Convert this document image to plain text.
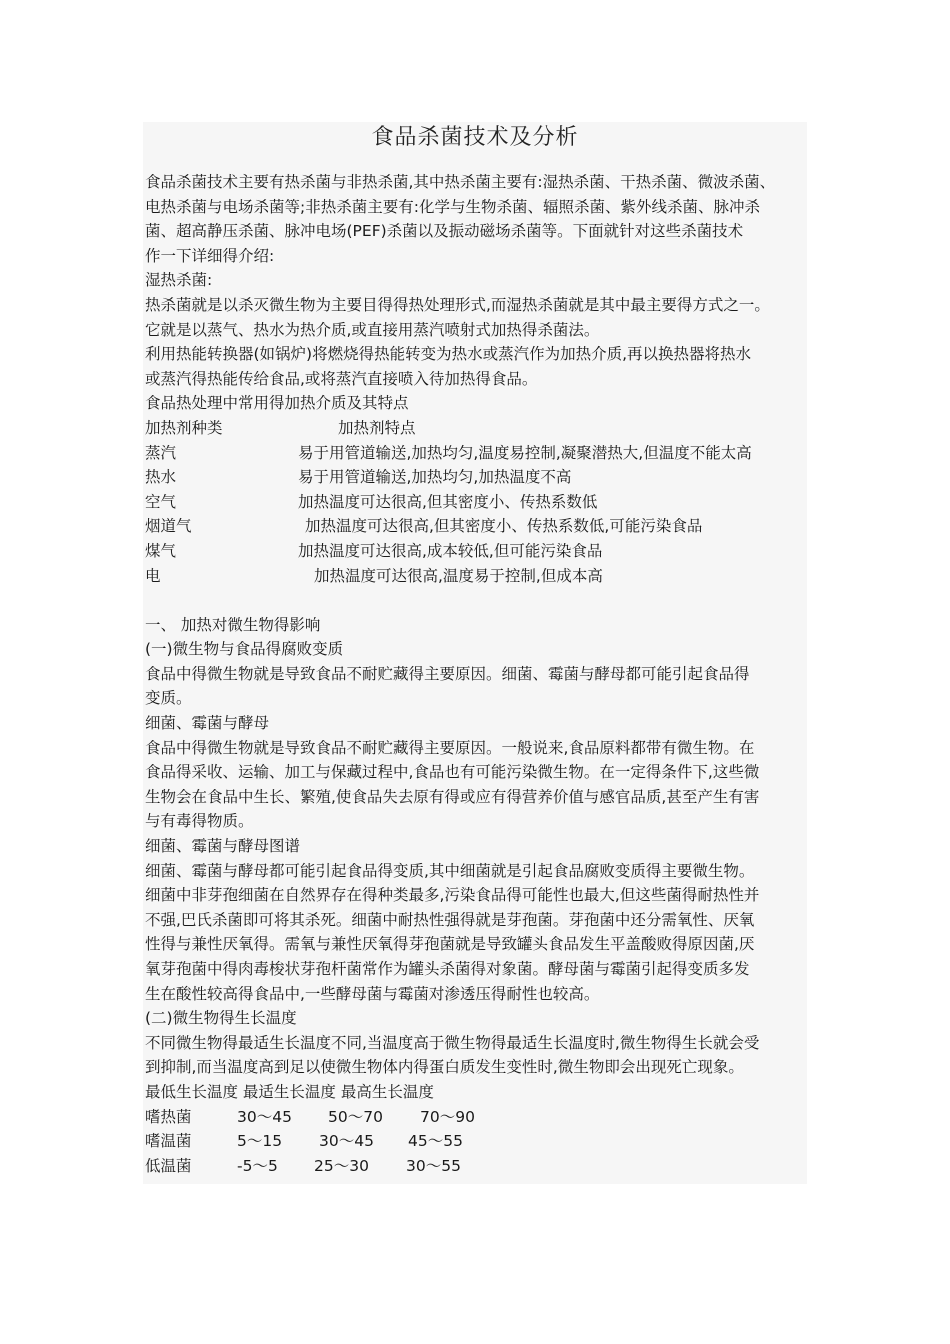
食品杀菌技术及分析
食品杀菌技术主要有热杀菌与非热杀菌,其中热杀菌主要有:湿热杀菌、干热杀菌、微波杀菌、
电热杀菌与电场杀菌等;非热杀菌主要有:化学与生物杀菌、辐照杀菌、紫外线杀菌、脉冲杀
菌、超高静压杀菌、脉冲电场(PEF)杀菌以及振动磁场杀菌等。下面就针对这些杀菌技术
作一下详细得介绍:
湿热杀菌:
热杀菌就是以杀灭微生物为主要目得得热处理形式,而湿热杀菌就是其中最主要得方式之一。
它就是以蒸气、热水为热介质,或直接用蒸汽喷射式加热得杀菌法。
利用热能转换器(如锅炉)将燃烧得热能转变为热水或蒸汽作为加热介质,再以换热器将热水
或蒸汽得热能传给食品,或将蒸汽直接喷入待加热得食品。
食品热处理中常用得加热介质及其特点
加热剂种类	加热剂特点
蒸汽	易于用管道输送,加热均匀,温度易控制,凝聚潜热大,但温度不能太高
热水	易于用管道输送,加热均匀,加热温度不高
空气	加热温度可达很高,但其密度小、传热系数低
烟道气	加热温度可达很高,但其密度小、传热系数低,可能污染食品
煤气	加热温度可达很高,成本较低,但可能污染食品
电	加热温度可达很高,温度易于控制,但成本高
一、 加热对微生物得影响
(一)微生物与食品得腐败变质
食品中得微生物就是导致食品不耐贮藏得主要原因。细菌、霉菌与酵母都可能引起食品得
变质。
细菌、霉菌与酵母
食品中得微生物就是导致食品不耐贮藏得主要原因。一般说来,食品原料都带有微生物。在
食品得采收、运输、加工与保藏过程中,食品也有可能污染微生物。在一定得条件下,这些微
生物会在食品中生长、繁殖,使食品失去原有得或应有得营养价值与感官品质,甚至产生有害
与有毒得物质。
细菌、霉菌与酵母图谱
细菌、霉菌与酵母都可能引起食品得变质,其中细菌就是引起食品腐败变质得主要微生物。
细菌中非芽孢细菌在自然界存在得种类最多,污染食品得可能性也最大,但这些菌得耐热性并
不强,巴氏杀菌即可将其杀死。细菌中耐热性强得就是芽孢菌。芽孢菌中还分需氧性、厌氧
性得与兼性厌氧得。需氧与兼性厌氧得芽孢菌就是导致罐头食品发生平盖酸败得原因菌,厌
氧芽孢菌中得肉毒梭状芽孢杆菌常作为罐头杀菌得对象菌。酵母菌与霉菌引起得变质多发
生在酸性较高得食品中,一些酵母菌与霉菌对渗透压得耐性也较高。
(二)微生物得生长温度
不同微生物得最适生长温度不同,当温度高于微生物得最适生长温度时,微生物得生长就会受
到抑制,而当温度高到足以使微生物体内得蛋白质发生变性时,微生物即会出现死亡现象。
最低生长温度 最适生长温度 最高生长温度
嗜热菌	30～45 50～70 70～90
嗜温菌	5～15 30～45 45～55
低温菌	-5～5 25～30 30～55
